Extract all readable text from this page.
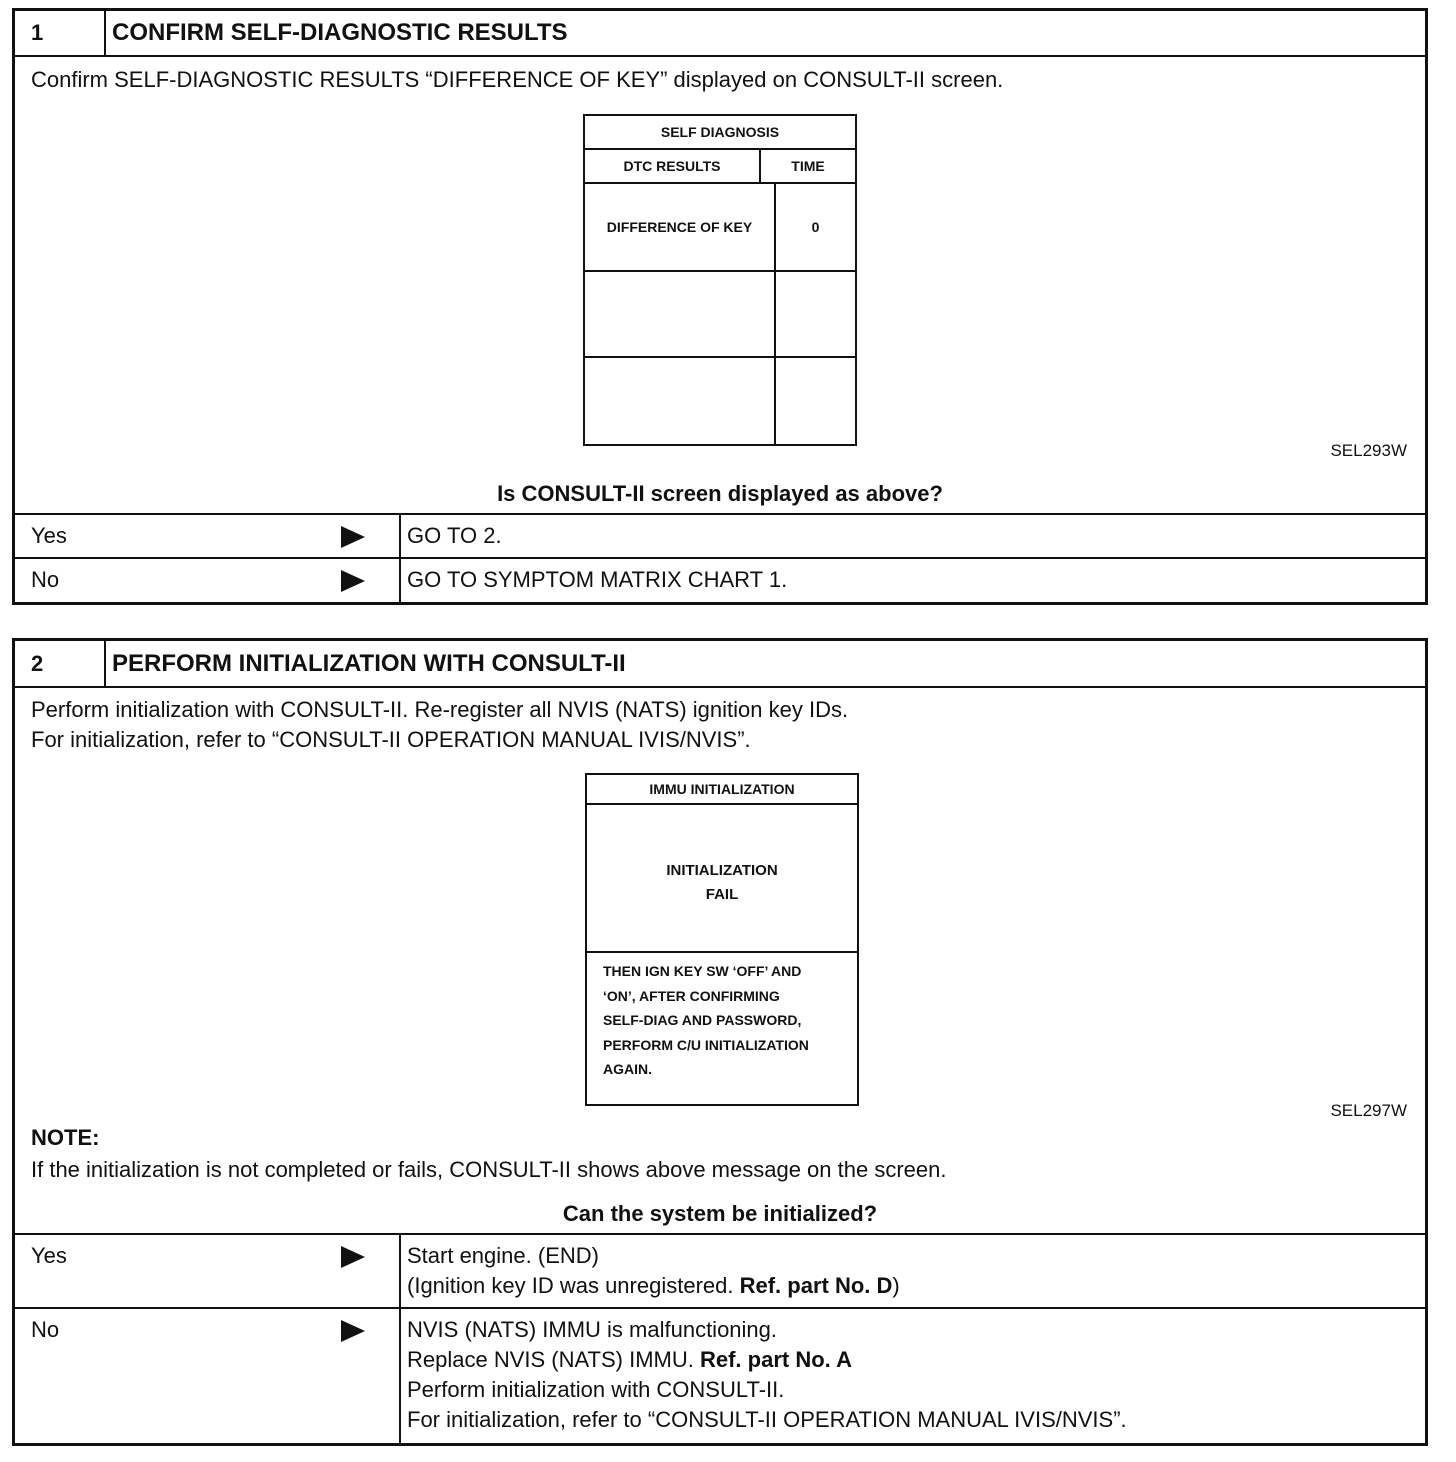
1	CONFIRM SELF-DIAGNOSTIC RESULTS
Confirm SELF-DIAGNOSTIC RESULTS “DIFFERENCE OF KEY” displayed on CONSULT-II screen.
SELF DIAGNOSIS
DTC RESULTS	TIME
DIFFERENCE OF KEY	0
SEL293W
Is CONSULT-II screen displayed as above?
Yes	GO TO 2.
No	GO TO SYMPTOM MATRIX CHART 1.
2	PERFORM INITIALIZATION WITH CONSULT-II
Perform initialization with CONSULT-II. Re-register all NVIS (NATS) ignition key IDs.
For initialization, refer to “CONSULT-II OPERATION MANUAL IVIS/NVIS”.
IMMU INITIALIZATION
INITIALIZATION
FAIL
THEN IGN KEY SW ‘OFF’ AND
‘ON’, AFTER CONFIRMING
SELF-DIAG AND PASSWORD,
PERFORM C/U INITIALIZATION
AGAIN.
SEL297W
NOTE:
If the initialization is not completed or fails, CONSULT-II shows above message on the screen.
Can the system be initialized?
Yes	Start engine. (END)
(Ignition key ID was unregistered. Ref. part No. D)
No	NVIS (NATS) IMMU is malfunctioning.
Replace NVIS (NATS) IMMU. Ref. part No. A
Perform initialization with CONSULT-II.
For initialization, refer to “CONSULT-II OPERATION MANUAL IVIS/NVIS”.
